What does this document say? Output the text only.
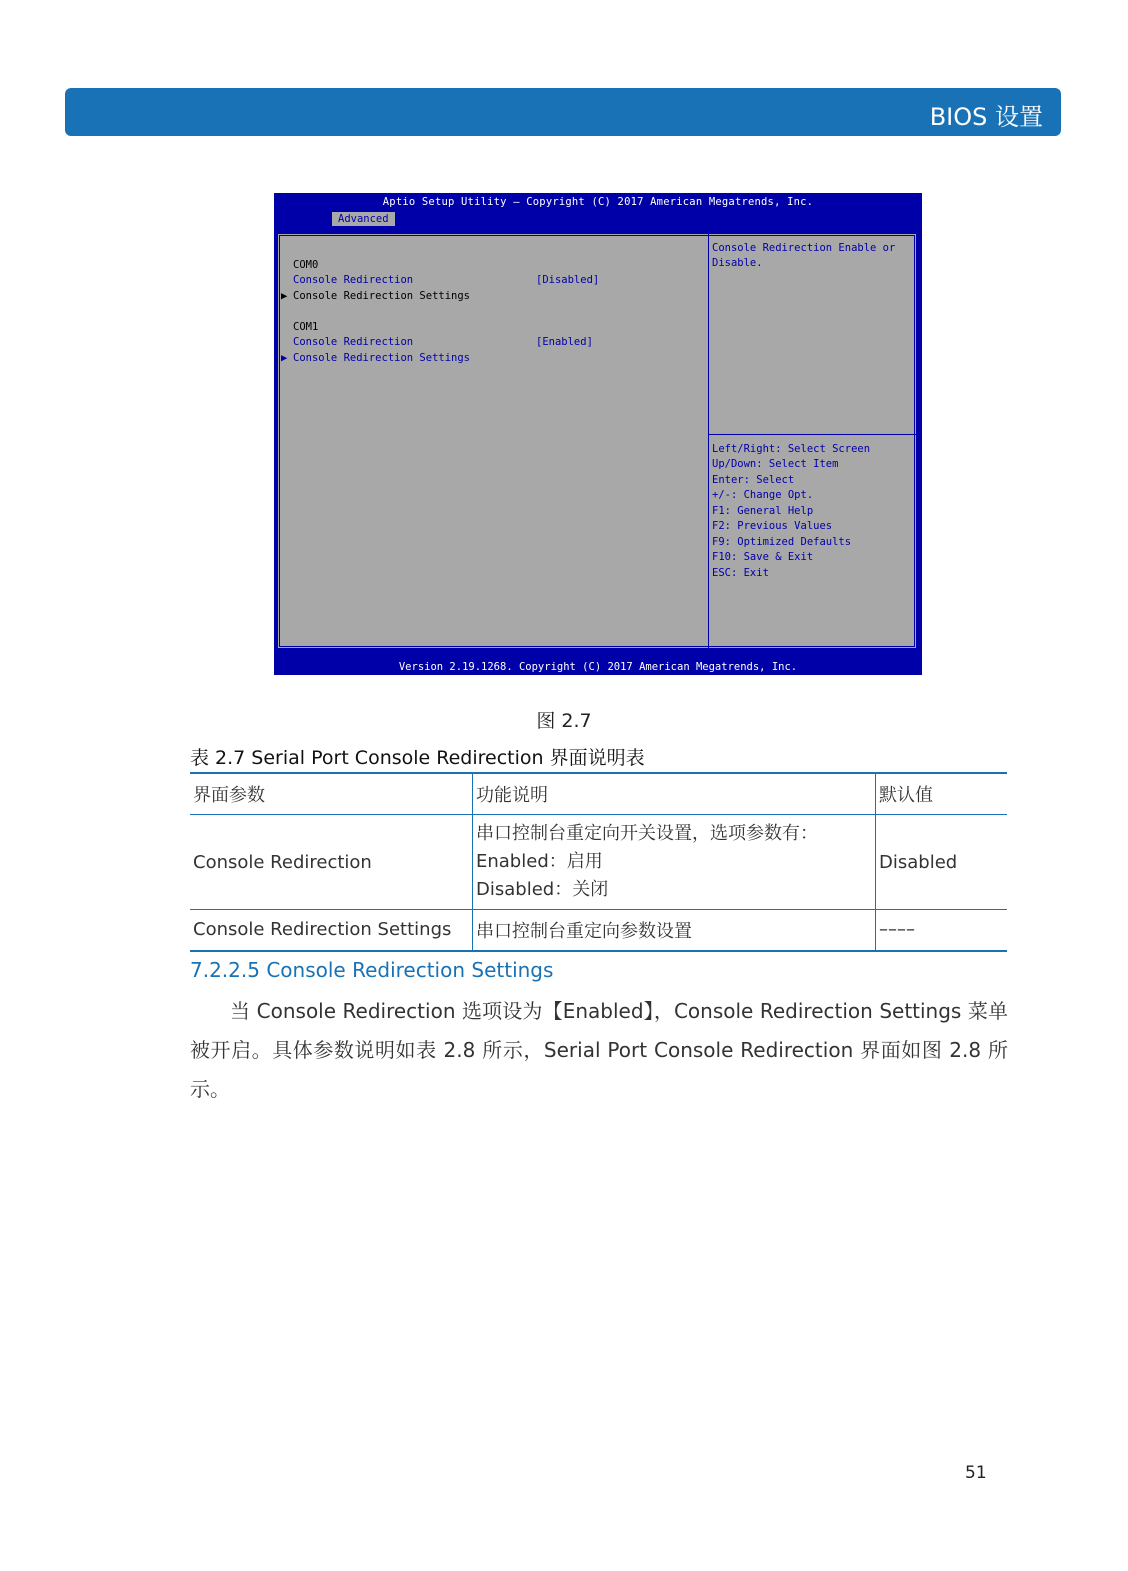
BIOS 设置
Aptio Setup Utility – Copyright (C) 2017 American Megatrends, Inc.
Advanced
COM0
Console Redirection	[Disabled]
▶ Console Redirection Settings
COM1
Console Redirection	[Enabled]
▶ Console Redirection Settings
Console Redirection Enable or
Disable.
Left/Right: Select Screen
Up/Down: Select Item
Enter: Select
+/-: Change Opt.
F1: General Help
F2: Previous Values
F9: Optimized Defaults
F10: Save & Exit
ESC: Exit
Version 2.19.1268. Copyright (C) 2017 American Megatrends, Inc.
图 2.7
表 2.7 Serial Port Console Redirection 界面说明表
界面参数	功能说明	默认值
Console Redirection	串口控制台重定向开关设置，选项参数有：
Enabled：启用
Disabled：关闭	Disabled
Console Redirection Settings	串口控制台重定向参数设置	––––
7.2.2.5 Console Redirection Settings
当 Console Redirection 选项设为【Enabled】，Console Redirection Settings 菜单被开启。具体参数说明如表 2.8 所示，Serial Port Console Redirection 界面如图 2.8 所示。
51
